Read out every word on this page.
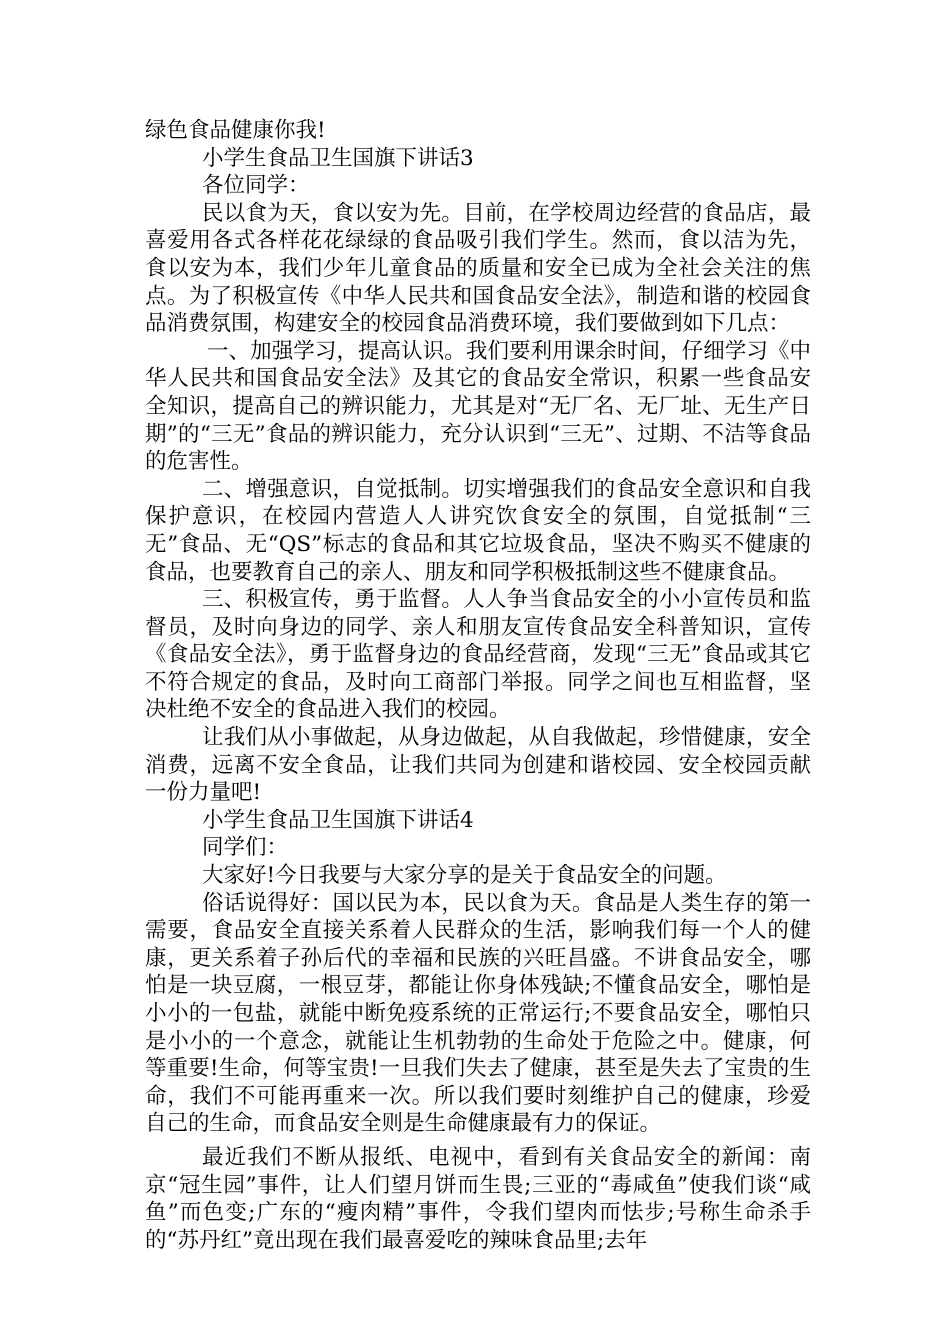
绿色食品健康你我!

小学生食品卫生国旗下讲话3

各位同学：

民以食为天，食以安为先。目前，在学校周边经营的食品店，最喜爱用各式各样花花绿绿的食品吸引我们学生。然而，食以洁为先，食以安为本，我们少年儿童食品的质量和安全已成为全社会关注的焦点。为了积极宣传《中华人民共和国食品安全法》，制造和谐的校园食品消费氛围，构建安全的校园食品消费环境，我们要做到如下几点：

一、加强学习，提高认识。我们要利用课余时间，仔细学习《中华人民共和国食品安全法》及其它的食品安全常识，积累一些食品安全知识，提高自己的辨识能力，尤其是对“无厂名、无厂址、无生产日期”的“三无”食品的辨识能力，充分认识到“三无”、过期、不洁等食品的危害性。

二、增强意识，自觉抵制。切实增强我们的食品安全意识和自我保护意识，在校园内营造人人讲究饮食安全的氛围，自觉抵制“三无”食品、无“QS”标志的食品和其它垃圾食品，坚决不购买不健康的食品，也要教育自己的亲人、朋友和同学积极抵制这些不健康食品。

三、积极宣传，勇于监督。人人争当食品安全的小小宣传员和监督员，及时向身边的同学、亲人和朋友宣传食品安全科普知识，宣传《食品安全法》，勇于监督身边的食品经营商，发现“三无”食品或其它不符合规定的食品，及时向工商部门举报。同学之间也互相监督，坚决杜绝不安全的食品进入我们的校园。

让我们从小事做起，从身边做起，从自我做起，珍惜健康，安全消费，远离不安全食品，让我们共同为创建和谐校园、安全校园贡献一份力量吧!

小学生食品卫生国旗下讲话4

同学们：

大家好!今日我要与大家分享的是关于食品安全的问题。

俗话说得好：国以民为本，民以食为天。食品是人类生存的第一需要，食品安全直接关系着人民群众的生活，影响我们每一个人的健康，更关系着子孙后代的幸福和民族的兴旺昌盛。不讲食品安全，哪怕是一块豆腐，一根豆芽，都能让你身体残缺;不懂食品安全，哪怕是小小的一包盐，就能中断免疫系统的正常运行;不要食品安全，哪怕只是小小的一个意念，就能让生机勃勃的生命处于危险之中。健康，何等重要!生命，何等宝贵!一旦我们失去了健康，甚至是失去了宝贵的生命，我们不可能再重来一次。所以我们要时刻维护自己的健康，珍爱自己的生命，而食品安全则是生命健康最有力的保证。

最近我们不断从报纸、电视中，看到有关食品安全的新闻：南京“冠生园”事件，让人们望月饼而生畏;三亚的“毒咸鱼”使我们谈“咸鱼”而色变;广东的“瘦肉精”事件，令我们望肉而怯步;号称生命杀手的“苏丹红”竟出现在我们最喜爱吃的辣味食品里;去年
